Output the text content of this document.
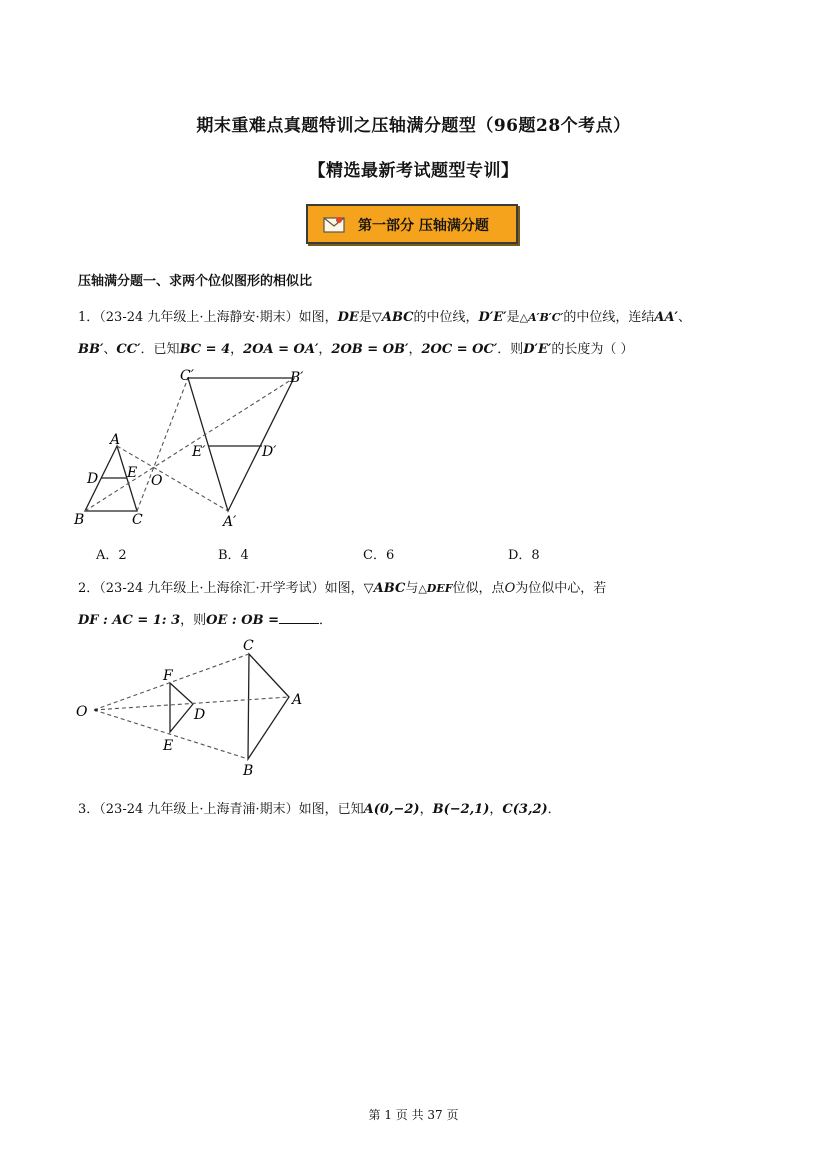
期末重难点真题特训之压轴满分题型（96题28个考点）
【精选最新考试题型专训】
第一部分 压轴满分题
压轴满分题一、求两个位似图形的相似比
1．（23-24 九年级上·上海静安·期末）如图，DE是▽ABC的中位线，D′E′是△A′B′C′的中位线，连结AA′、
BB′、CC′．已知BC = 4，2OA = OA′，2OB = OB′，2OC = OC′．则D′E′的长度为（ ）
A
B	C
D E O
A′
B′
C′
D′
E′
A．2	B．4	C．6	D．8
2．（23-24 九年级上·上海徐汇·开学考试）如图，▽ABC与△DEF位似，点O为位似中心，若
DF : AC = 1: 3，则OE : OB =	．
O
F
D
E
C
A
B
3．（23-24 九年级上·上海青浦·期末）如图，已知A(0,−2)，B(−2,1)，C(3,2)．
第 1 页 共 37 页
